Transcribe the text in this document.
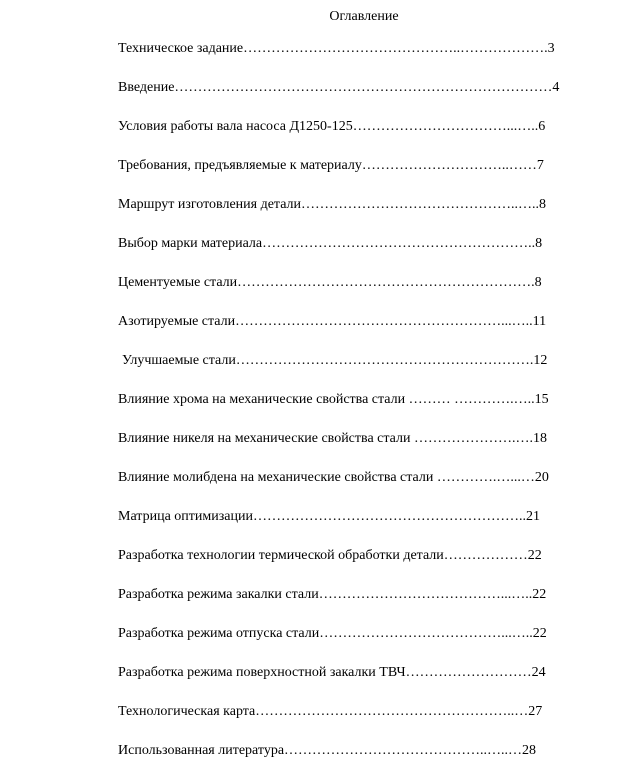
Оглавление
Техническое задание………………………………………..……………….3
Введение………………………………………………………………………4
Условия работы вала насоса Д1250-125……………………………...…..6
Требования, предъявляемые к материалу…………………………..……7
Маршрут изготовления детали………………………………………..…..8
Выбор марки материала…………………………………………………..8
Цементуемые стали……………………………………………………….8
Азотируемые стали…………………………………………………...…..11
Улучшаемые стали……………………………………………………….12
Влияние хрома на механические свойства стали ……… ………….…..15
Влияние никеля на механические свойства стали ………………….….18
Влияние молибдена на механические свойства стали ………….…...…20
Матрица оптимизации…………………………………………………..21
Разработка технологии термической обработки детали………………22
Разработка режима закалки стали…………………………………...…..22
Разработка режима отпуска стали…………………………………...…..22
Разработка режима поверхностной закалки ТВЧ………………………24
Технологическая карта………………………………………………..…27
Использованная литература……………………………………..…..…28
